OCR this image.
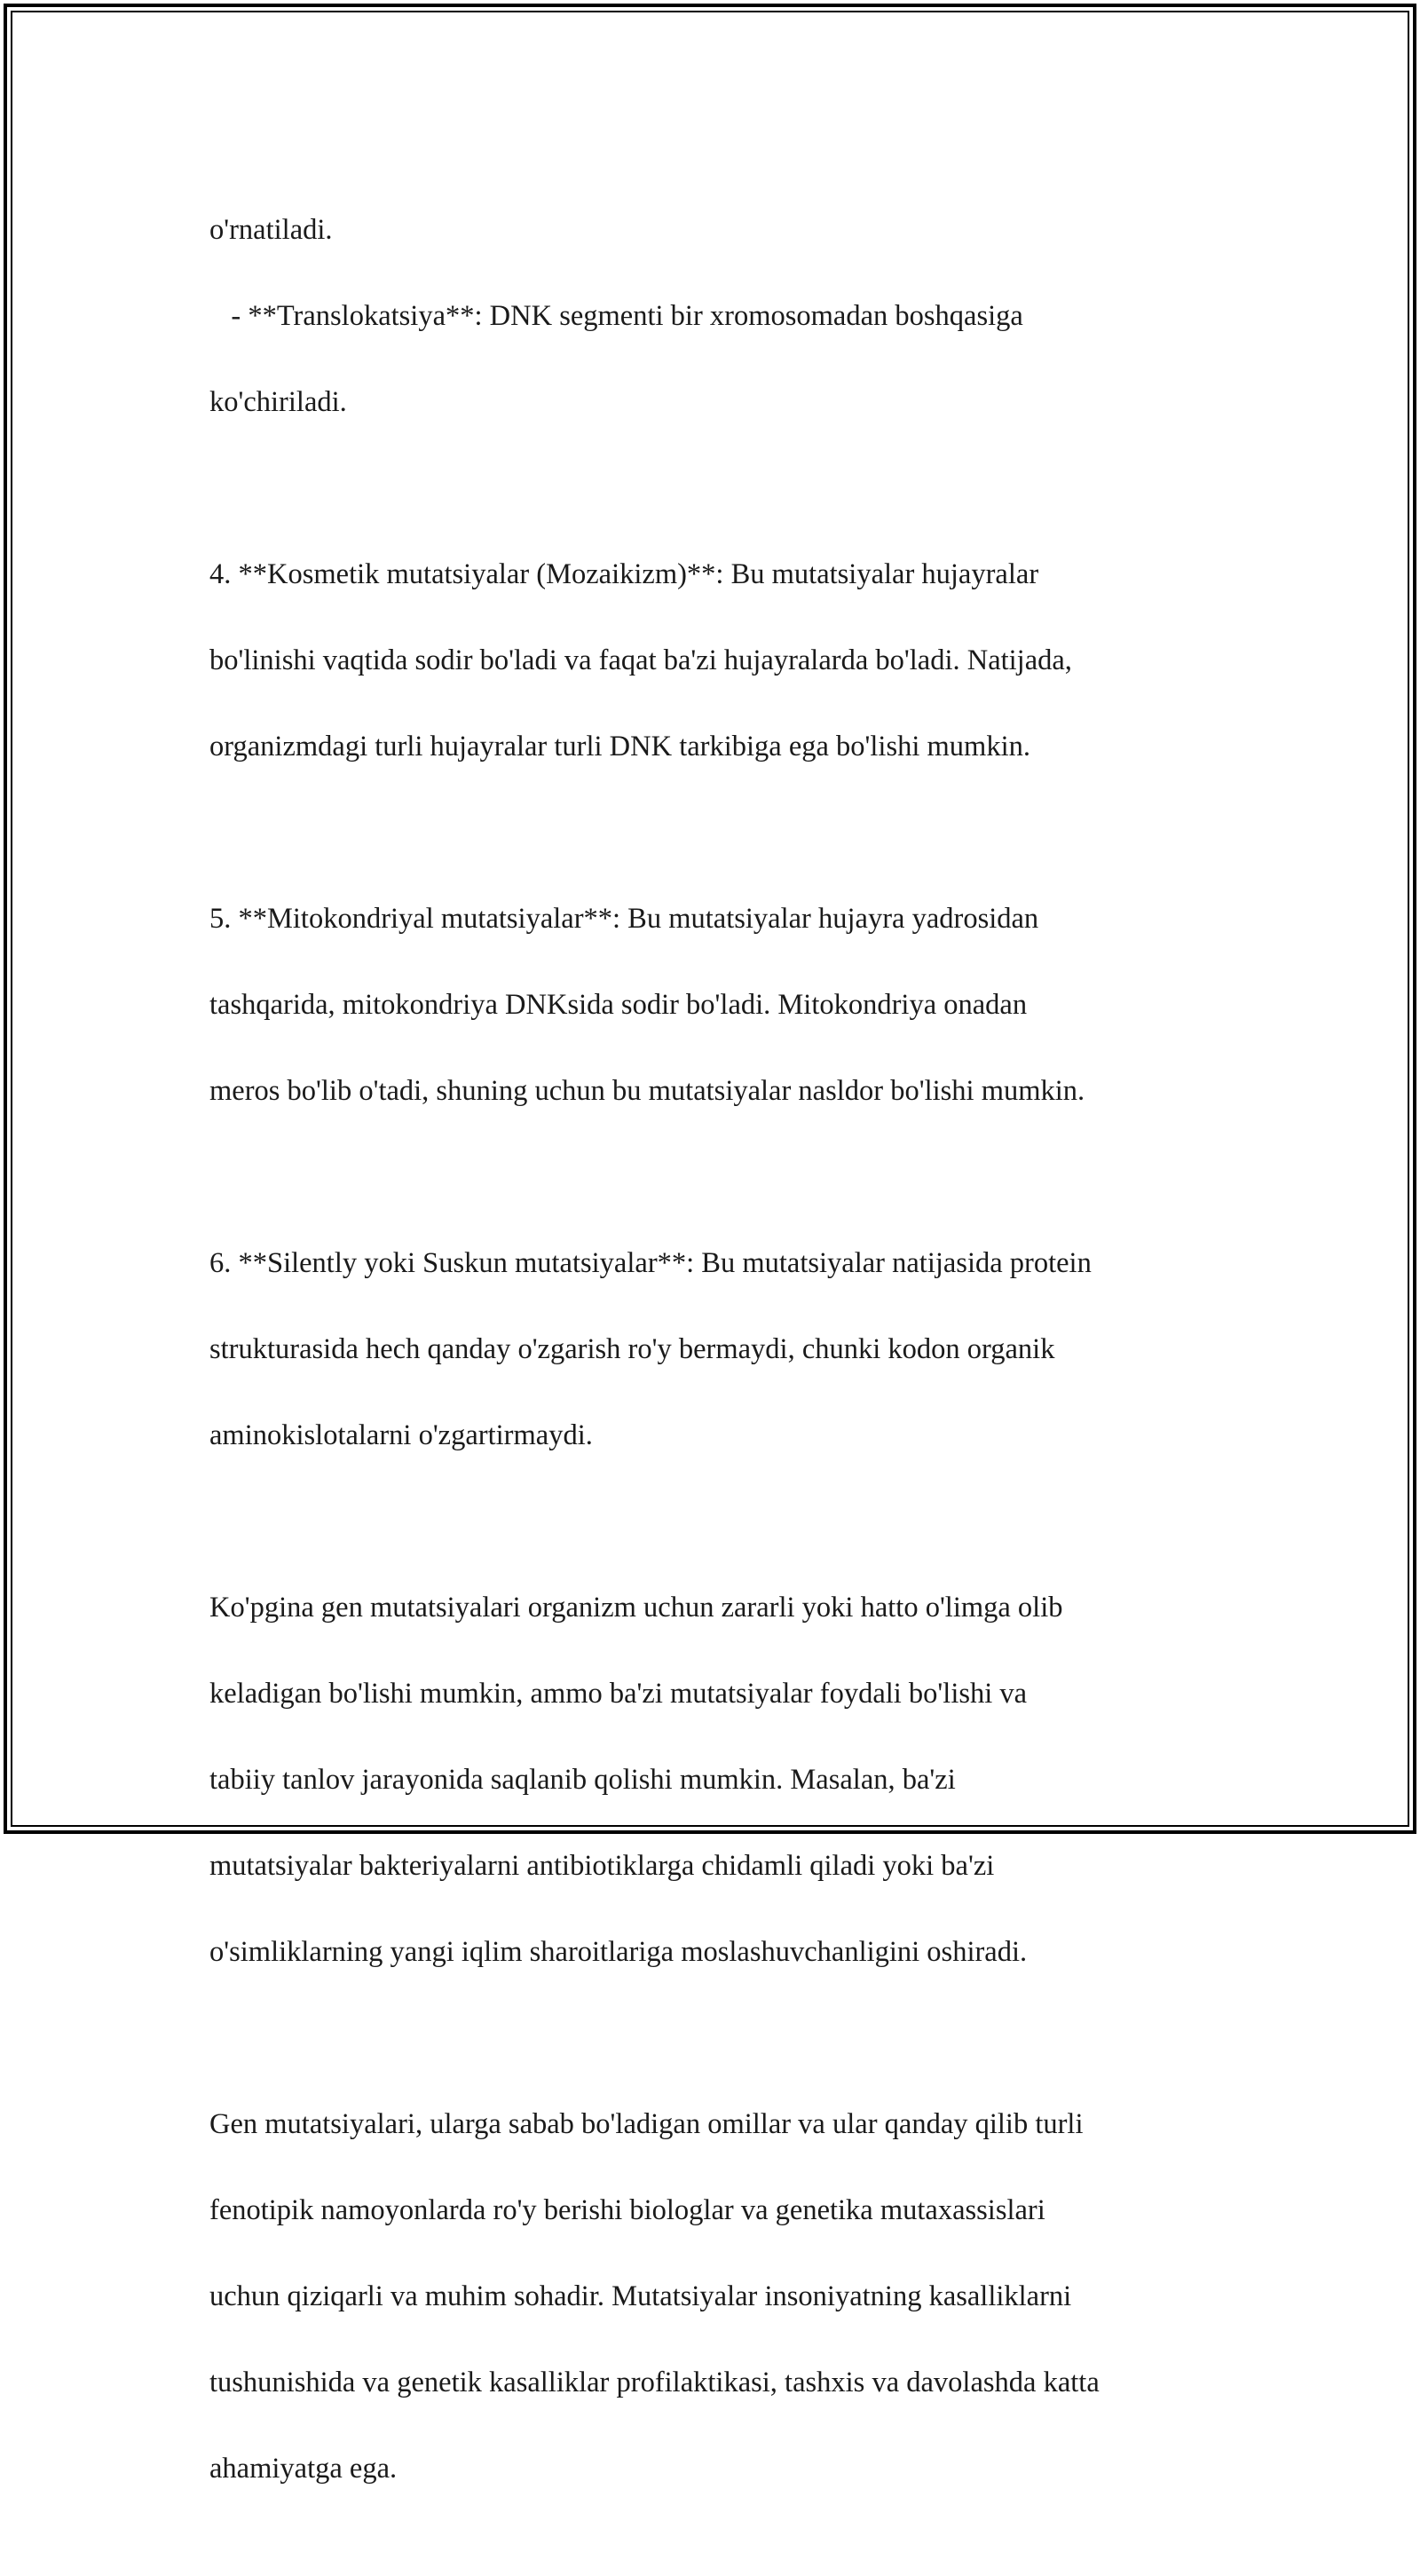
o'rnatiladi.

- **Translokatsiya**: DNK segmenti bir xromosomadan boshqasiga

ko'chiriladi.

4. **Kosmetik mutatsiyalar (Mozaikizm)**: Bu mutatsiyalar hujayralar

bo'linishi vaqtida sodir bo'ladi va faqat ba'zi hujayralarda bo'ladi. Natijada,

organizmdagi turli hujayralar turli DNK tarkibiga ega bo'lishi mumkin.

5. **Mitokondriyal mutatsiyalar**: Bu mutatsiyalar hujayra yadrosidan

tashqarida, mitokondriya DNKsida sodir bo'ladi. Mitokondriya onadan

meros bo'lib o'tadi, shuning uchun bu mutatsiyalar nasldor bo'lishi mumkin.

6. **Silently yoki Suskun mutatsiyalar**: Bu mutatsiyalar natijasida protein

strukturasida hech qanday o'zgarish ro'y bermaydi, chunki kodon organik

aminokislotalarni o'zgartirmaydi.

Ko'pgina gen mutatsiyalari organizm uchun zararli yoki hatto o'limga olib

keladigan bo'lishi mumkin, ammo ba'zi mutatsiyalar foydali bo'lishi va

tabiiy tanlov jarayonida saqlanib qolishi mumkin. Masalan, ba'zi

mutatsiyalar bakteriyalarni antibiotiklarga chidamli qiladi yoki ba'zi

o'simliklarning yangi iqlim sharoitlariga moslashuvchanligini oshiradi.

Gen mutatsiyalari, ularga sabab bo'ladigan omillar va ular qanday qilib turli

fenotipik namoyonlarda ro'y berishi biologlar va genetika mutaxassislari

uchun qiziqarli va muhim sohadir. Mutatsiyalar insoniyatning kasalliklarni

tushunishida va genetik kasalliklar profilaktikasi, tashxis va davolashda katta

ahamiyatga ega.
